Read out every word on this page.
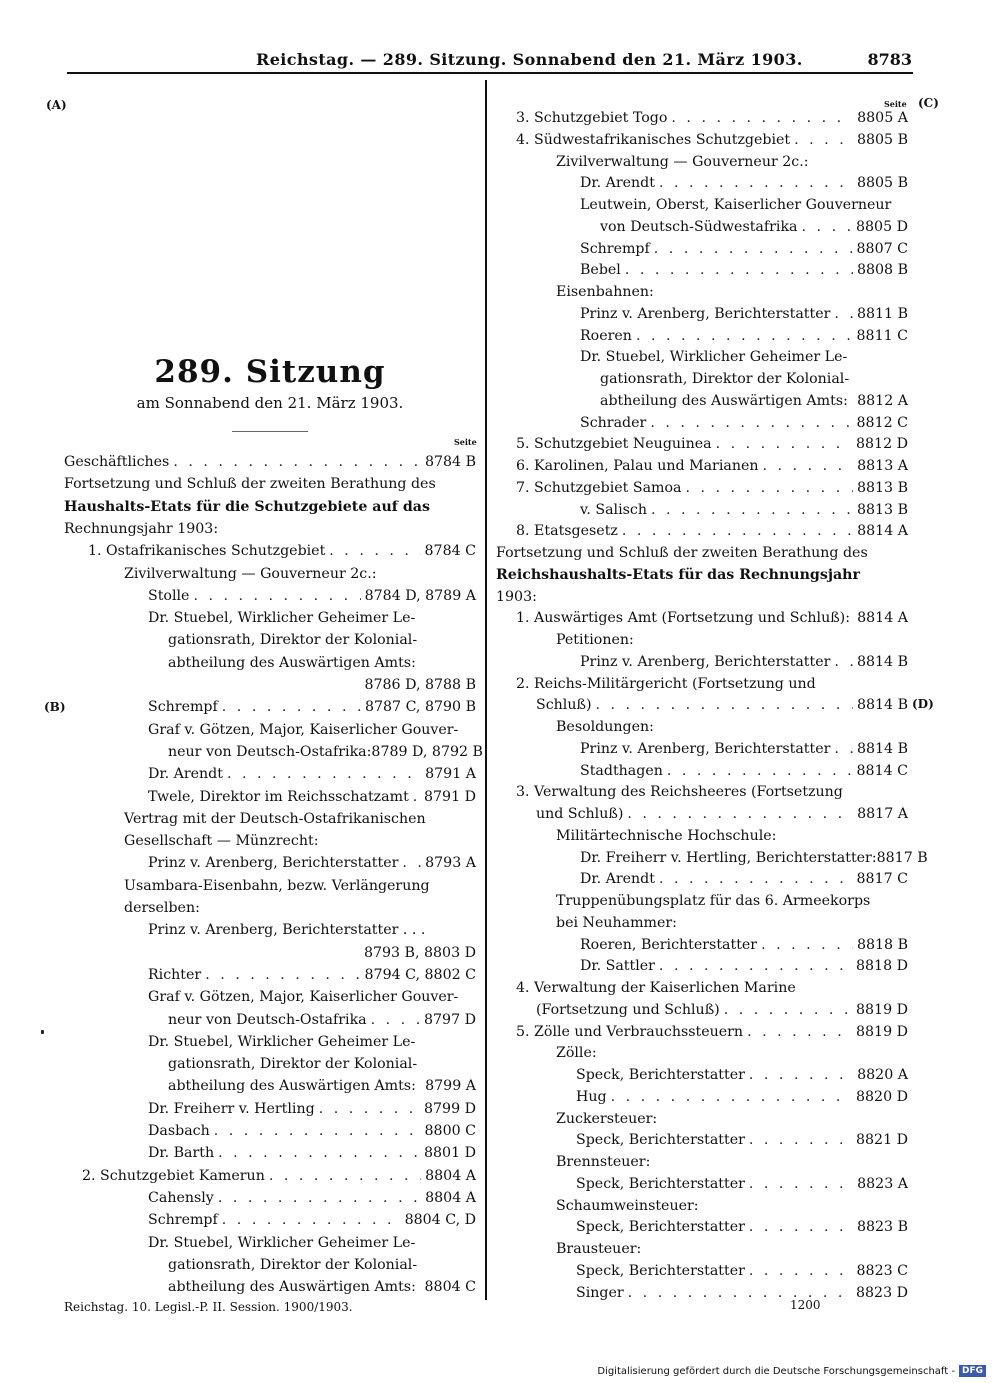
Reichstag. — 289. Sitzung. Sonnabend den 21. März 1903.	8783
(A)
(B)
(C)
(D)
289. Sitzung
am Sonnabend den 21. März 1903.
Seite
Seite
Geschäftliches . . .	8784 B
Fortsetzung und Schluß der zweiten Berathung des
Haushalts-Etats für die Schutzgebiete auf das
Rechnungsjahr 1903:
1. Ostafrikanisches Schutzgebiet . . .	8784 C
Zivilverwaltung — Gouverneur 2c.:
Stolle . . .	8784 D, 8789 A
Dr. Stuebel, Wirklicher Geheimer Le-
gationsrath, Direktor der Kolonial-
abtheilung des Auswärtigen Amts:
8786 D, 8788 B
Schrempf . . .	8787 C, 8790 B
Graf v. Götzen, Major, Kaiserlicher Gouver-
neur von Deutsch-Ostafrika: 8789 D, 8792 B
Dr. Arendt . . .	8791 A
Twele, Direktor im Reichsschatzamt . . . 8791 D
Vertrag mit der Deutsch-Ostafrikanischen
Gesellschaft — Münzrecht:
Prinz v. Arenberg, Berichterstatter . . . 8793 A
Usambara-Eisenbahn, bezw. Verlängerung
derselben:
Prinz v. Arenberg, Berichterstatter . . .
8793 B, 8803 D
Richter . . .	8794 C, 8802 C
Graf v. Götzen, Major, Kaiserlicher Gouver-
neur von Deutsch-Ostafrika . . .	8797 D
Dr. Stuebel, Wirklicher Geheimer Le-
gationsrath, Direktor der Kolonial-
abtheilung des Auswärtigen Amts: 8799 A
Dr. Freiherr v. Hertling . . .	8799 D
Dasbach . . .	8800 C
Dr. Barth . . .	8801 D
2. Schutzgebiet Kamerun . . .	8804 A
Cahensly . . .	8804 A
Schrempf . . .	8804 C, D
Dr. Stuebel, Wirklicher Geheimer Le-
gationsrath, Direktor der Kolonial-
abtheilung des Auswärtigen Amts: 8804 C
3. Schutzgebiet Togo . . .	8805 A
4. Südwestafrikanisches Schutzgebiet . . .	8805 B
Zivilverwaltung — Gouverneur 2c.:
Dr. Arendt . . .	8805 B
Leutwein, Oberst, Kaiserlicher Gouverneur
von Deutsch-Südwestafrika . . .	8805 D
Schrempf . . .	8807 C
Bebel . . .	8808 B
Eisenbahnen:
Prinz v. Arenberg, Berichterstatter . . . 8811 B
Roeren . . .	8811 C
Dr. Stuebel, Wirklicher Geheimer Le-
gationsrath, Direktor der Kolonial-
abtheilung des Auswärtigen Amts: 8812 A
Schrader . . .	8812 C
5. Schutzgebiet Neuguinea . . .	8812 D
6. Karolinen, Palau und Marianen . . .	8813 A
7. Schutzgebiet Samoa . . .	8813 B
v. Salisch . . .	8813 B
8. Etatsgesetz . . .	8814 A
Fortsetzung und Schluß der zweiten Berathung des
Reichshaushalts-Etats für das Rechnungsjahr
1903:
1. Auswärtiges Amt (Fortsetzung und Schluß): 8814 A
Petitionen:
Prinz v. Arenberg, Berichterstatter . . . 8814 B
2. Reichs-Militärgericht (Fortsetzung und
Schluß) . . .	8814 B
Besoldungen:
Prinz v. Arenberg, Berichterstatter . . . 8814 B
Stadthagen . . .	8814 C
3. Verwaltung des Reichsheeres (Fortsetzung
und Schluß) . . .	8817 A
Militärtechnische Hochschule:
Dr. Freiherr v. Hertling, Berichterstatter: 8817 B
Dr. Arendt . . .	8817 C
Truppenübungsplatz für das 6. Armeekorps
bei Neuhammer:
Roeren, Berichterstatter . . .	8818 B
Dr. Sattler . . .	8818 D
4. Verwaltung der Kaiserlichen Marine
(Fortsetzung und Schluß) . . .	8819 D
5. Zölle und Verbrauchssteuern . . .	8819 D
Zölle:
Speck, Berichterstatter . . .	8820 A
Hug . . .	8820 D
Zuckersteuer:
Speck, Berichterstatter . . .	8821 D
Brennsteuer:
Speck, Berichterstatter . . .	8823 A
Schaumweinsteuer:
Speck, Berichterstatter . . .	8823 B
Brausteuer:
Speck, Berichterstatter . . .	8823 C
Singer . . .	8823 D
Reichstag. 10. Legisl.-P. II. Session. 1900/1903.	1200
Digitalisierung gefördert durch die Deutsche Forschungsgemeinschaft - DFG
